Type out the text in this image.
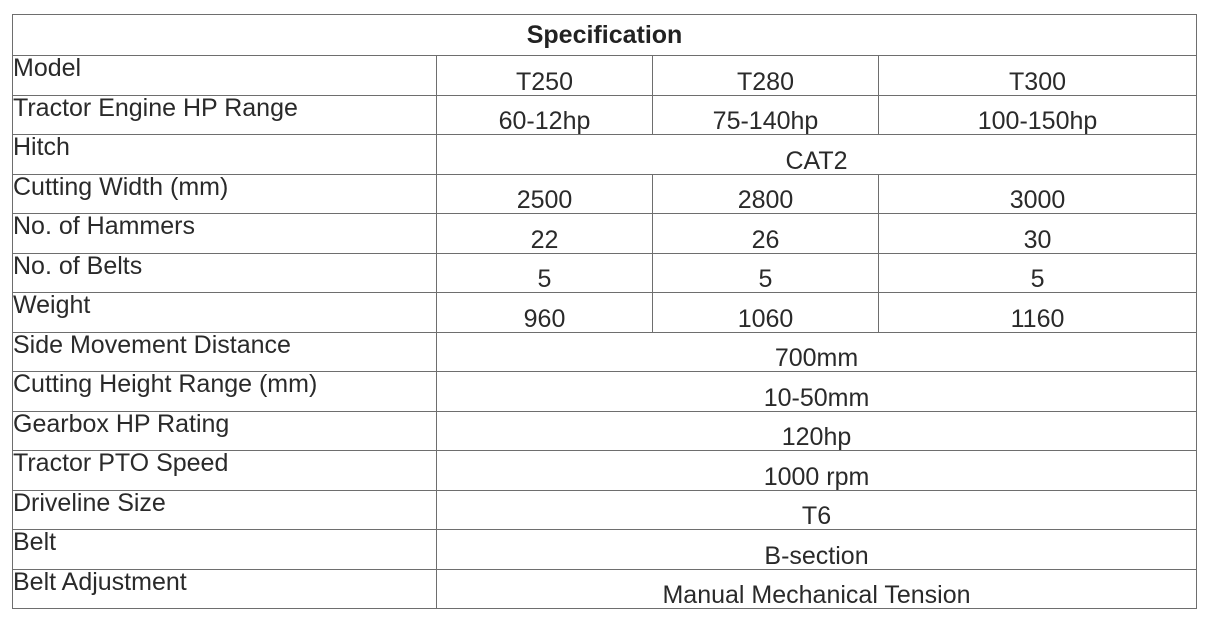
Specification			
Model	T250	T280	T300
Tractor Engine HP Range	60-12hp	75-140hp	100-150hp
Hitch	CAT2		
Cutting Width (mm)	2500	2800	3000
No. of Hammers	22	26	30
No. of Belts	5	5	5
Weight	960	1060	1160
Side Movement Distance	700mm		
Cutting Height Range (mm)	10-50mm		
Gearbox HP Rating	120hp		
Tractor PTO Speed	1000 rpm		
Driveline Size	T6		
Belt	B-section		
Belt Adjustment	Manual Mechanical Tension		
